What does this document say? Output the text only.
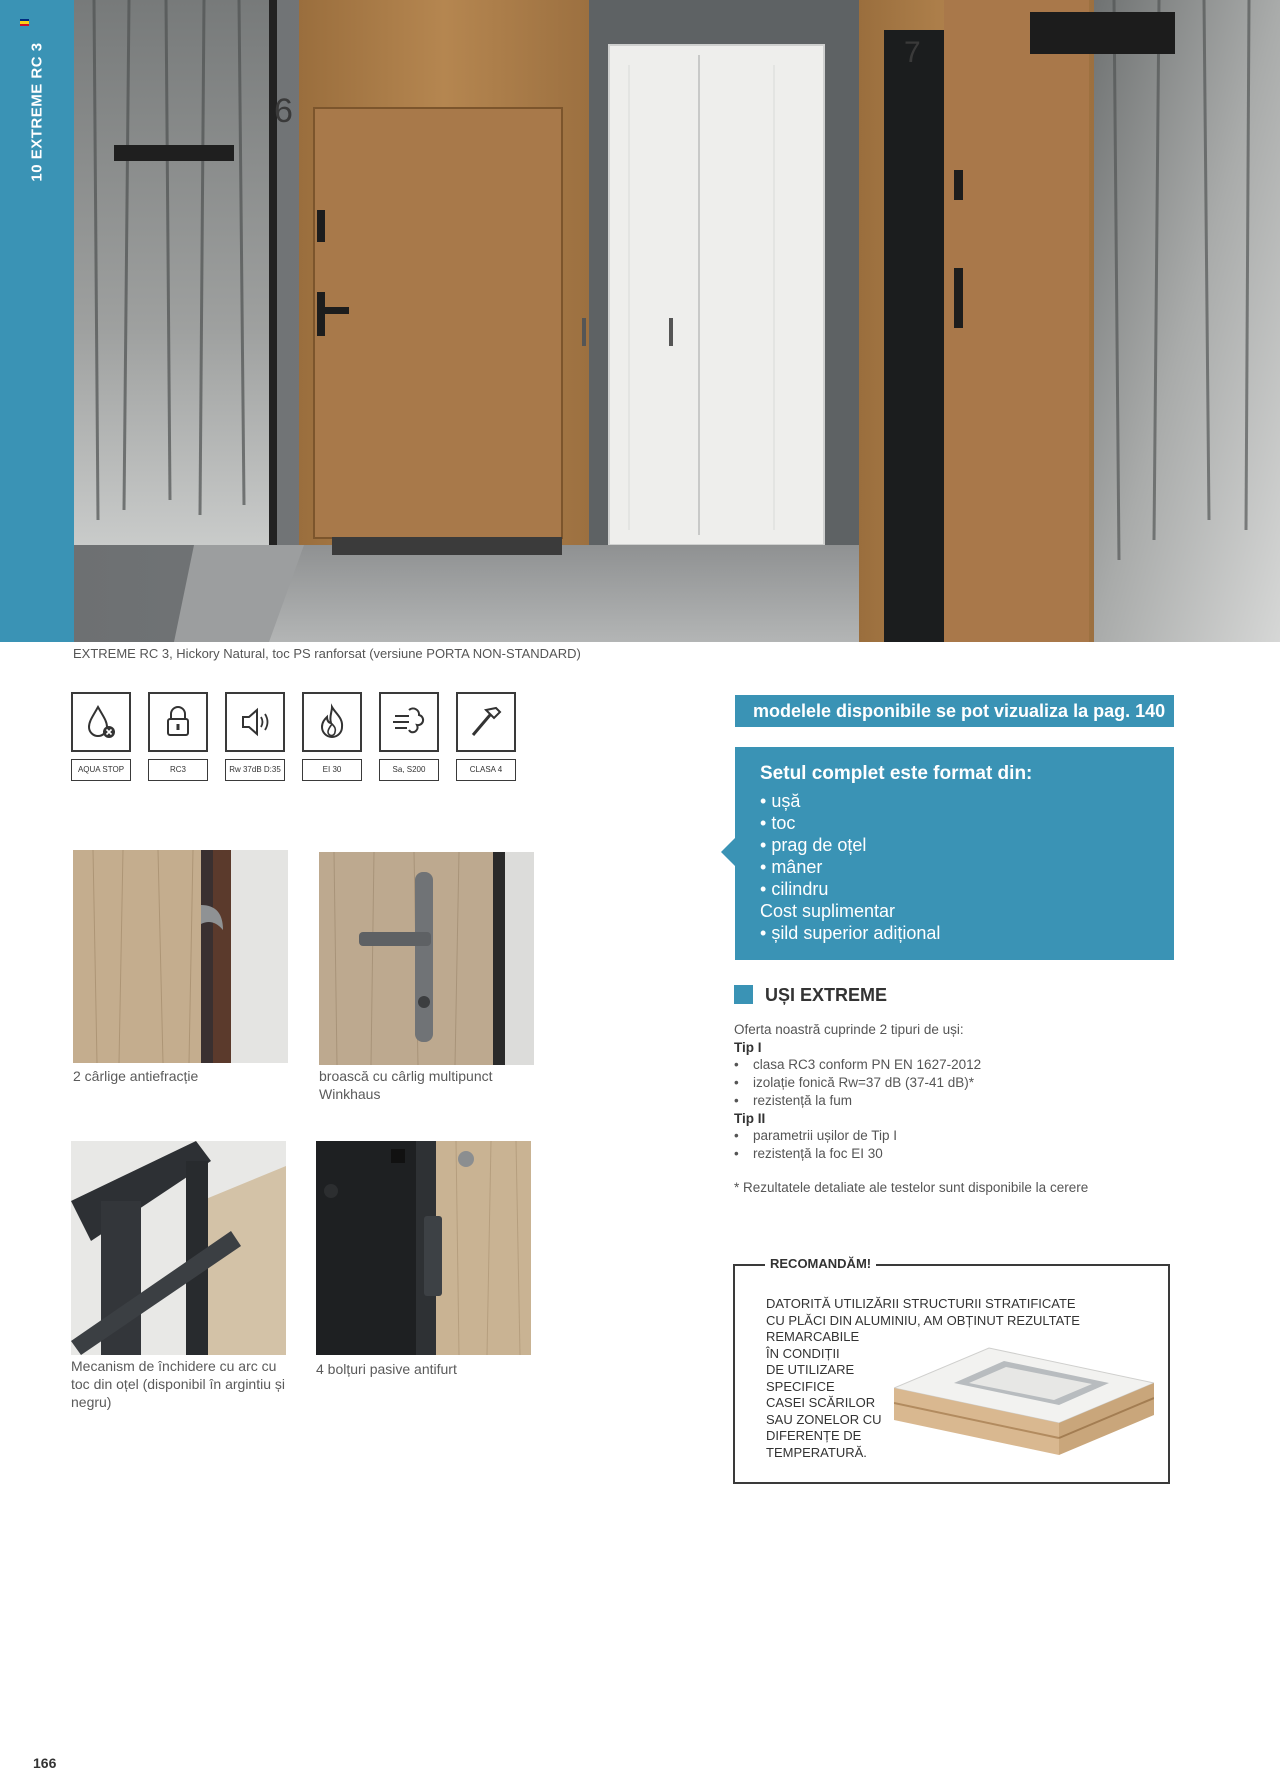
10 EXTREME RC 3	6
7
EXTREME RC 3, Hickory Natural, toc PS ranforsat (versiune PORTA NON-STANDARD)
AQUA STOP	RC3	Rw 37dB D:35	EI 30	Sa, S200	CLASA 4
2 cârlige antiefracție	broască cu cârlig multipunct Winkhaus
Mecanism de închidere cu arc cu toc din oțel (disponibil în argintiu și negru)
4 bolțuri pasive antifurt
modelele disponibile se pot vizualiza la pag. 140
Setul complet este format din:
• ușă
• toc
• prag de oțel
• mâner
• cilindru
Cost suplimentar
• șild superior adițional
UȘI EXTREME
Oferta noastră cuprinde 2 tipuri de uși:
Tip I
• clasa RC3 conform PN EN 1627-2012
• izolație fonică Rw=37 dB (37-41 dB)*
• rezistență la fum
Tip II
• parametrii ușilor de Tip I
• rezistență la foc EI 30
* Rezultatele detaliate ale testelor sunt disponibile la cerere
RECOMANDĂM!
DATORITĂ UTILIZĂRII STRUCTURII STRATIFICATE
CU PLĂCI DIN ALUMINIU, AM OBȚINUT REZULTATE
REMARCABILE
ÎN CONDIȚII
DE UTILIZARE
SPECIFICE
CASEI SCĂRILOR
SAU ZONELOR CU
DIFERENȚE DE
TEMPERATURĂ.
166
